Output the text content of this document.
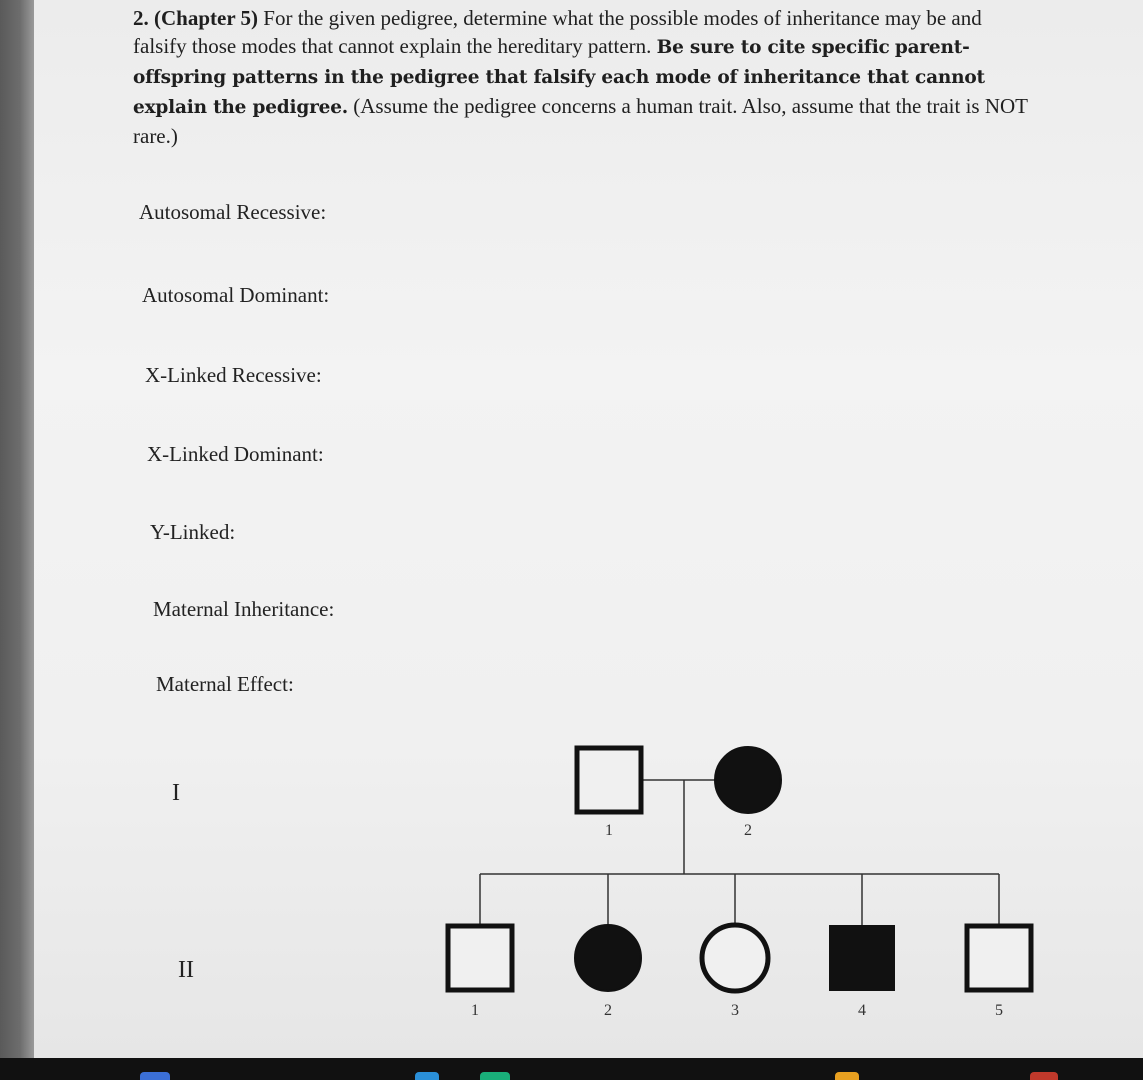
2. (Chapter 5) For the given pedigree, determine what the possible modes of inheritance may be and falsify those modes that cannot explain the hereditary pattern. Be sure to cite specific parent-offspring patterns in the pedigree that falsify each mode of inheritance that cannot explain the pedigree. (Assume the pedigree concerns a human trait. Also, assume that the trait is NOT rare.)
Autosomal Recessive:
Autosomal Dominant:
X-Linked Recessive:
X-Linked Dominant:
Y-Linked:
Maternal Inheritance:
Maternal Effect:
I
II
1	2
1	2	3	4	5
